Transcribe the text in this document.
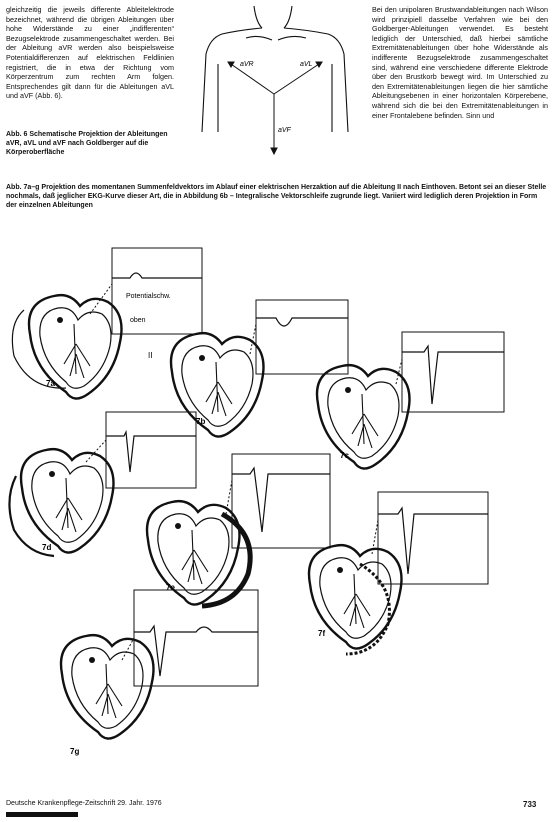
gleichzeitig die jeweils differente Ableitelektrode bezeichnet, während die übrigen Ableitungen über hohe Widerstände zu einer „indifferenten“ Bezugselektrode zusammengeschaltet werden. Bei der Ableitung aVR werden also beispielsweise Potentialdifferenzen auf elektrischen Feldlinien registriert, die in etwa der Richtung vom Körperzentrum zum rechten Arm folgen. Entsprechendes gilt dann für die Ableitungen aVL und aVF (Abb. 6).

Abb. 6 Schematische Projektion der Ableitungen aVR, aVL und aVF nach Goldberger auf die Körperoberfläche
aVR	aVL
aVF

Bei den unipolaren Brustwandableitungen nach Wilson wird prinzipiell dasselbe Verfahren wie bei den Goldberger-Ableitungen verwendet. Es besteht lediglich der Unterschied, daß hierbei sämtliche Extremitätenableitungen über hohe Widerstände als indifferente Bezugselektrode zusammengeschaltet sind, während eine verschiedene differente Elektrode über den Brustkorb bewegt wird. Im Unterschied zu den Extremitätenableitungen liegen die hier sämtliche Ableitungsebenen in einer horizontalen Körperebene, während sich die bei den Extremitätenableitungen in einer Frontalebene befinden. Sinn und

Abb. 7a–g Projektion des momentanen Summenfeldvektors im Ablauf einer elektrischen Herzaktion auf die Ableitung II nach Einthoven. Betont sei an dieser Stelle nochmals, daß jeglicher EKG-Kurve dieser Art, die in Abbildung 6b – Integralische Vektorschleife zugrunde liegt. Variiert wird lediglich deren Projektion in Form der einzelnen Ableitungen
Potentialschw.
oben
7a
II
7b
7c
7d
7e
7f
7g
Deutsche Krankenpflege-Zeitschrift 29. Jahr. 1976	733
